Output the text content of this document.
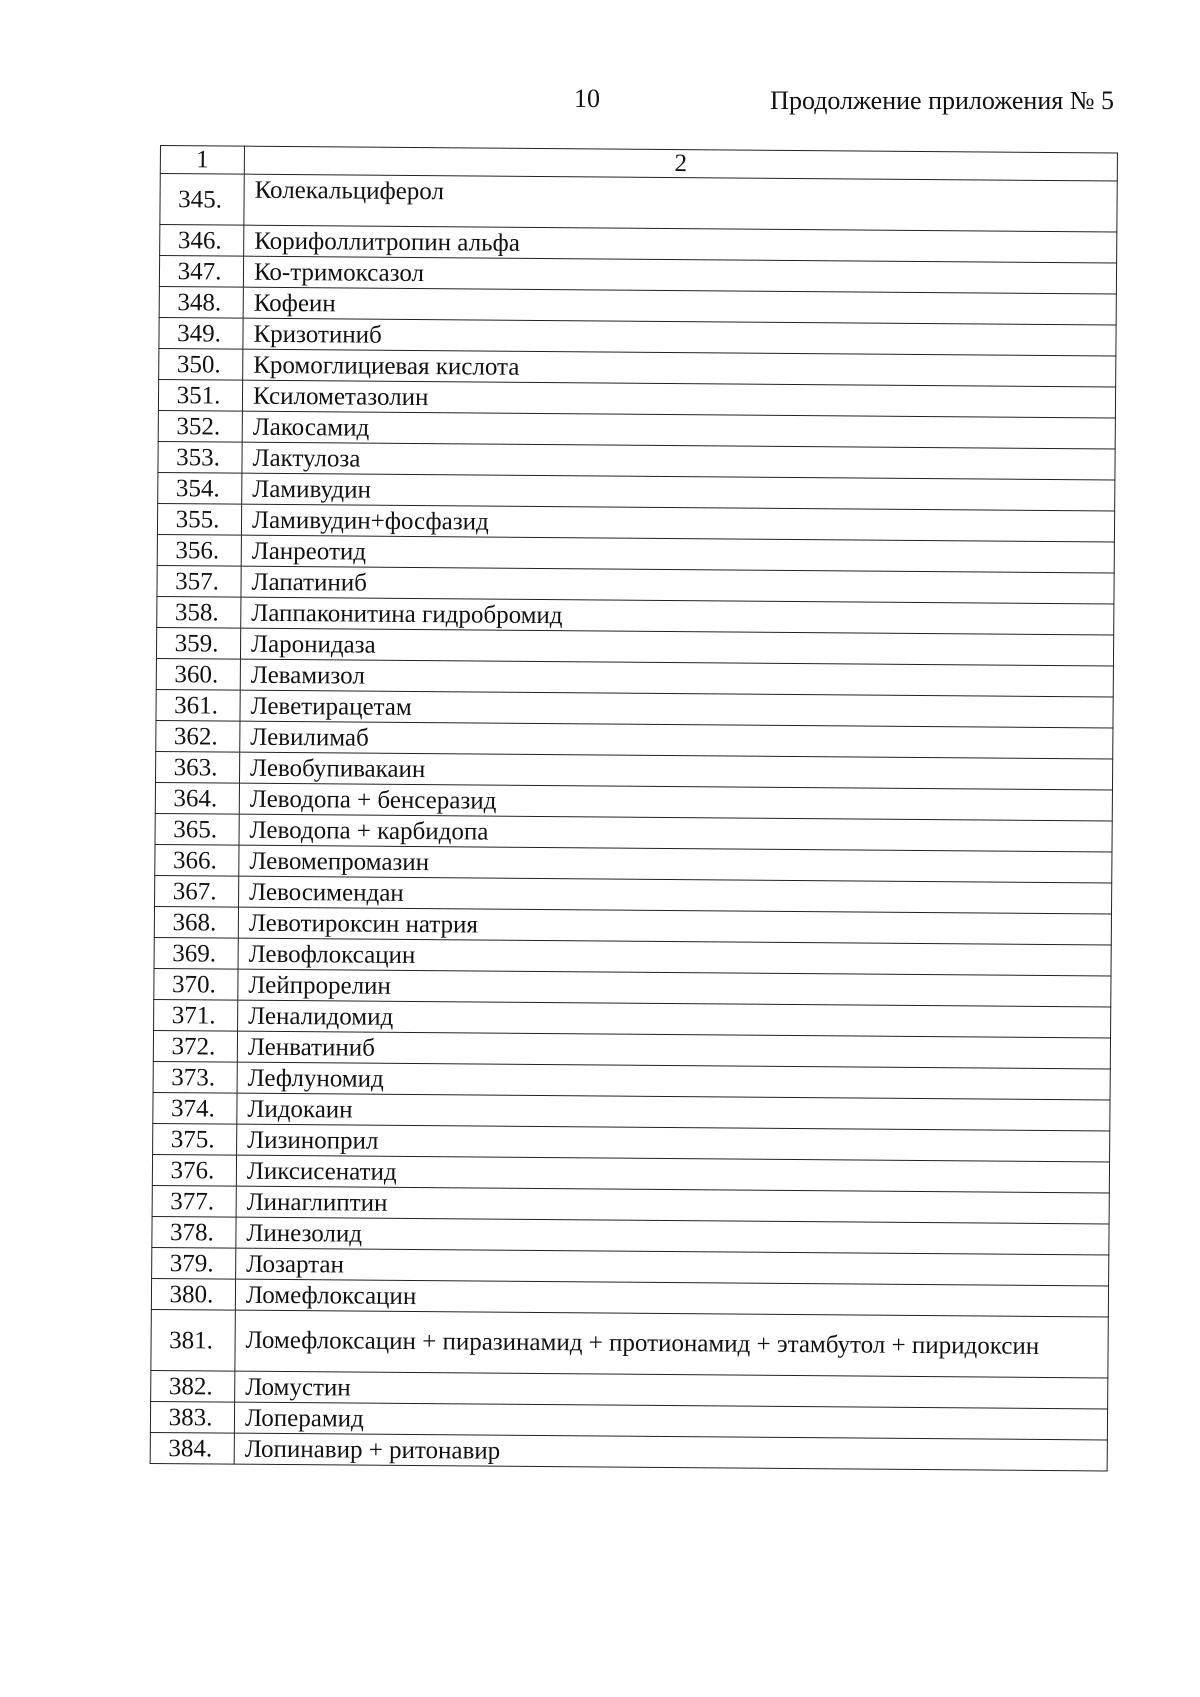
10	Продолжение приложения № 5
1	2
345.	Колекальциферол
346.	Корифоллитропин альфа
347.	Ко-тримоксазол
348.	Кофеин
349.	Кризотиниб
350.	Кромоглициевая кислота
351.	Ксилометазолин
352.	Лакосамид
353.	Лактулоза
354.	Ламивудин
355.	Ламивудин+фосфазид
356.	Ланреотид
357.	Лапатиниб
358.	Лаппаконитина гидробромид
359.	Ларонидаза
360.	Левамизол
361.	Леветирацетам
362.	Левилимаб
363.	Левобупивакаин
364.	Леводопа + бенсеразид
365.	Леводопа + карбидопа
366.	Левомепромазин
367.	Левосимендан
368.	Левотироксин натрия
369.	Левофлоксацин
370.	Лейпрорелин
371.	Леналидомид
372.	Ленватиниб
373.	Лефлуномид
374.	Лидокаин
375.	Лизиноприл
376.	Ликсисенатид
377.	Линаглиптин
378.	Линезолид
379.	Лозартан
380.	Ломефлоксацин
381.	Ломефлоксацин + пиразинамид + протионамид + этамбутол + пиридоксин
382.	Ломустин
383.	Лоперамид
384.	Лопинавир + ритонавир
